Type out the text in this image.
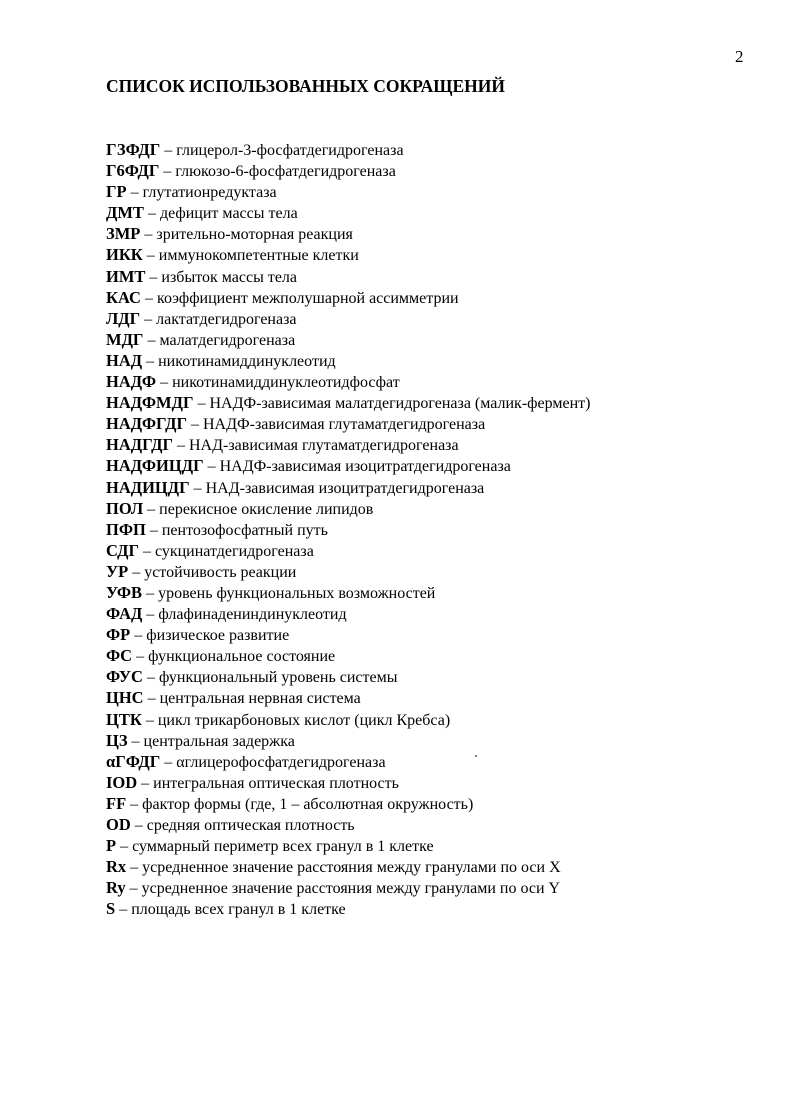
2
СПИСОК ИСПОЛЬЗОВАННЫХ СОКРАЩЕНИЙ
ГЗФДГ – глицерол-3-фосфатдегидрогеназа
Г6ФДГ – глюкозо-6-фосфатдегидрогеназа
ГР – глутатионредуктаза
ДМТ – дефицит массы тела
ЗМР – зрительно-моторная реакция
ИКК – иммунокомпетентные клетки
ИМТ – избыток массы тела
КАС – коэффициент межполушарной ассимметрии
ЛДГ – лактатдегидрогеназа
МДГ – малатдегидрогеназа
НАД – никотинамиддинуклеотид
НАДФ – никотинамиддинуклеотидфосфат
НАДФМДГ – НАДФ-зависимая малатдегидрогеназа (малик-фермент)
НАДФГДГ – НАДФ-зависимая глутаматдегидрогеназа
НАДГДГ – НАД-зависимая глутаматдегидрогеназа
НАДФИЦДГ – НАДФ-зависимая изоцитратдегидрогеназа
НАДИЦДГ – НАД-зависимая изоцитратдегидрогеназа
ПОЛ – перекисное окисление липидов
ПФП – пентозофосфатный путь
СДГ – сукцинатдегидрогеназа
УР – устойчивость реакции
УФВ – уровень функциональных возможностей
ФАД – флафинадениндинуклеотид
ФР – физическое развитие
ФС – функциональное состояние
ФУС – функциональный уровень системы
ЦНС – центральная нервная система
ЦТК – цикл трикарбоновых кислот (цикл Кребса)
ЦЗ – центральная задержка
αГФДГ – αглицерофосфатдегидрогеназа
IOD – интегральная оптическая плотность
FF – фактор формы (где, 1 – абсолютная окружность)
OD – средняя оптическая плотность
P – суммарный периметр всех гранул в 1 клетке
Rx – усредненное значение расстояния между гранулами по оси X
Ry – усредненное значение расстояния между гранулами по оси Y
S – площадь всех гранул в 1 клетке
